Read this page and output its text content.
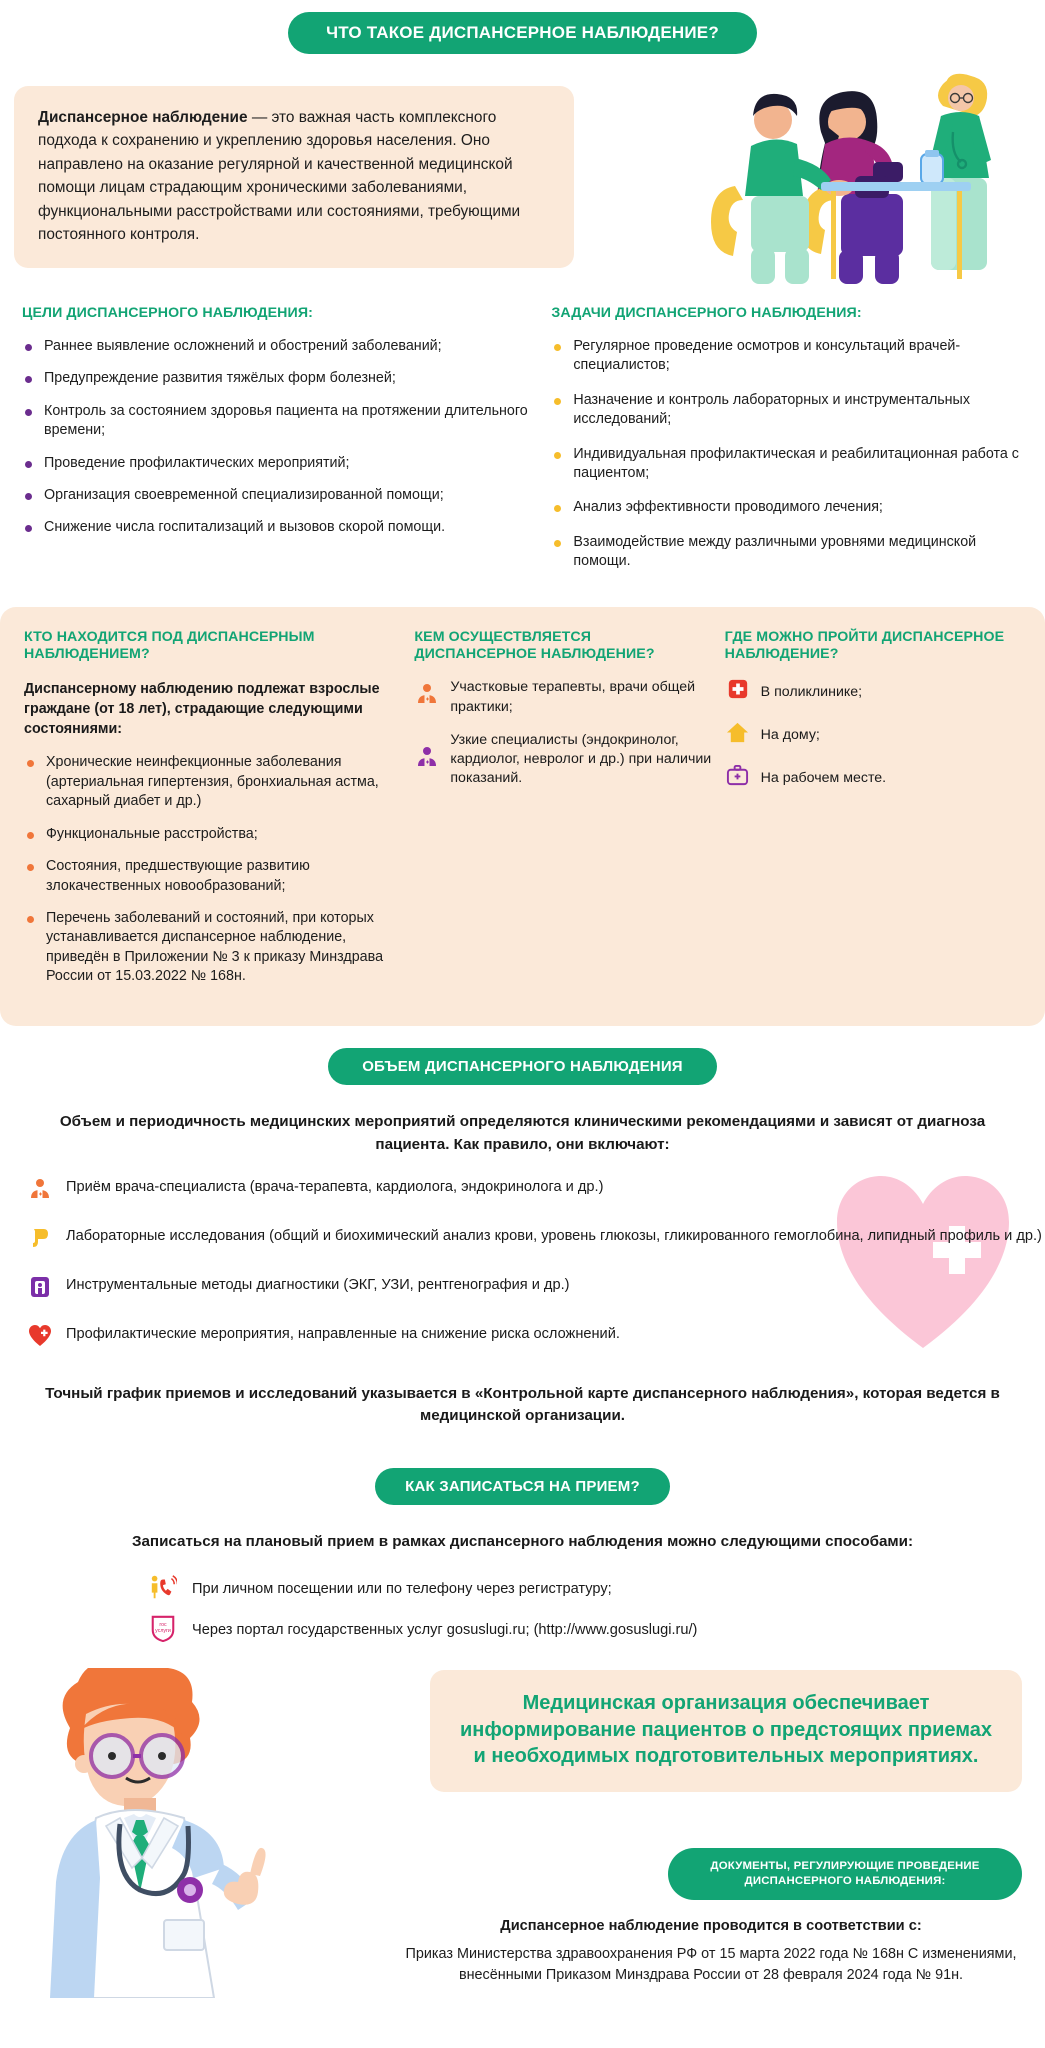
ЧТО ТАКОЕ ДИСПАНСЕРНОЕ НАБЛЮДЕНИЕ?
Диспансерное наблюдение — это важная часть комплексного подхода к сохранению и укреплению здоровья населения. Оно направлено на оказание регулярной и качественной медицинской помощи лицам страдающим хроническими заболеваниями, функциональными расстройствами или состояниями, требующими постоянного контроля.
ЦЕЛИ ДИСПАНСЕРНОГО НАБЛЮДЕНИЯ:
Раннее выявление осложнений и обострений заболеваний;
Предупреждение развития тяжёлых форм болезней;
Контроль за состоянием здоровья пациента на протяжении длительного времени;
Проведение профилактических мероприятий;
Организация своевременной специализированной помощи;
Снижение числа госпитализаций и вызовов скорой помощи.
ЗАДАЧИ ДИСПАНСЕРНОГО НАБЛЮДЕНИЯ:
Регулярное проведение осмотров и консультаций врачей-специалистов;
Назначение и контроль лабораторных и инструментальных исследований;
Индивидуальная профилактическая и реабилитационная работа с пациентом;
Анализ эффективности проводимого лечения;
Взаимодействие между различными уровнями медицинской помощи.
КТО НАХОДИТСЯ ПОД ДИСПАНСЕРНЫМ НАБЛЮДЕНИЕМ?
Диспансерному наблюдению подлежат взрослые граждане (от 18 лет), страдающие следующими состояниями:
Хронические неинфекционные заболевания (артериальная гипертензия, бронхиальная астма, сахарный диабет и др.)
Функциональные расстройства;
Состояния, предшествующие развитию злокачественных новообразований;
Перечень заболеваний и состояний, при которых устанавливается диспансерное наблюдение, приведён в Приложении № 3 к приказу Минздрава России от 15.03.2022 № 168н.
КЕМ ОСУЩЕСТВЛЯЕТСЯ ДИСПАНСЕРНОЕ НАБЛЮДЕНИЕ?
Участковые терапевты, врачи общей практики;
Узкие специалисты (эндокринолог, кардиолог, невролог и др.) при наличии показаний.
ГДЕ МОЖНО ПРОЙТИ ДИСПАНСЕРНОЕ НАБЛЮДЕНИЕ?
В поликлинике;
На дому;
На рабочем месте.
ОБЪЕМ ДИСПАНСЕРНОГО НАБЛЮДЕНИЯ
Объем и периодичность медицинских мероприятий определяются клиническими рекомендациями и зависят от диагноза пациента. Как правило, они включают:
Приём врача-специалиста (врача-терапевта, кардиолога, эндокринолога и др.)
Лабораторные исследования (общий и биохимический анализ крови, уровень глюкозы, гликированного гемоглобина, липидный профиль и др.)
Инструментальные методы диагностики (ЭКГ, УЗИ, рентгенография и др.)
Профилактические мероприятия, направленные на снижение риска осложнений.
Точный график приемов и исследований указывается в «Контрольной карте диспансерного наблюдения», которая ведется в медицинской организации.
КАК ЗАПИСАТЬСЯ НА ПРИЕМ?
Записаться на плановый прием в рамках диспансерного наблюдения можно следующими способами:
При личном посещении или по телефону через регистратуру;
гос
услуги Через портал государственных услуг gosuslugi.ru; (http://www.gosuslugi.ru/)
Медицинская организация обеспечивает информирование пациентов о предстоящих приемах и необходимых подготовительных мероприятиях.
ДОКУМЕНТЫ, РЕГУЛИРУЮЩИЕ ПРОВЕДЕНИЕ ДИСПАНСЕРНОГО НАБЛЮДЕНИЯ:
Диспансерное наблюдение проводится в соответствии с:
Приказ Министерства здравоохранения РФ от 15 марта 2022 года № 168н С изменениями, внесёнными Приказом Минздрава России от 28 февраля 2024 года № 91н.
